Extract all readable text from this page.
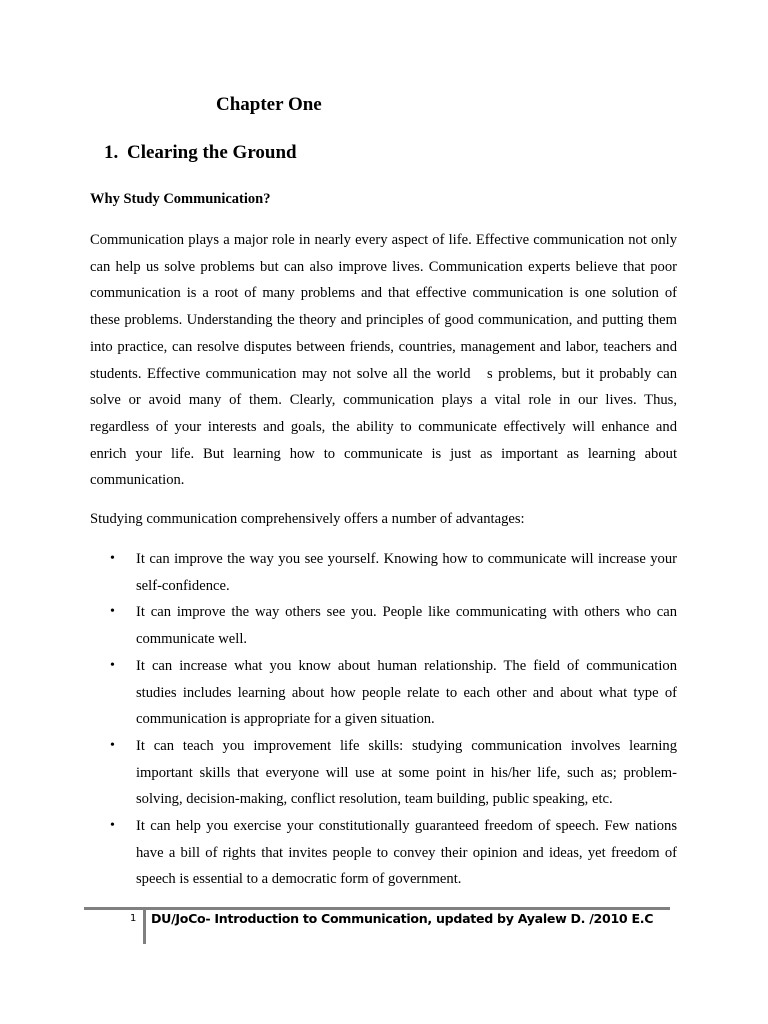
Chapter One
1. Clearing the Ground
Why Study Communication?

Communication plays a major role in nearly every aspect of life. Effective communication not only can help us solve problems but can also improve lives. Communication experts believe that poor communication is a root of many problems and that effective communication is one solution of these problems. Understanding the theory and principles of good communication, and putting them into practice, can resolve disputes between friends, countries, management and labor, teachers and students. Effective communication may not solve all the world   s problems, but it probably can solve or avoid many of them. Clearly, communication plays a vital role in our lives. Thus, regardless of your interests and goals, the ability to communicate effectively will enhance and enrich your life. But learning how to communicate is just as important as learning about communication.

Studying communication comprehensively offers a number of advantages:

• It can improve the way you see yourself. Knowing how to communicate will increase your self-confidence.
• It can improve the way others see you. People like communicating with others who can communicate well.
• It can increase what you know about human relationship. The field of communication studies includes learning about how people relate to each other and about what type of communication is appropriate for a given situation.
• It can teach you improvement life skills: studying communication involves learning important skills that everyone will use at some point in his/her life, such as; problem-solving, decision-making, conflict resolution, team building, public speaking, etc.
• It can help you exercise your constitutionally guaranteed freedom of speech. Few nations have a bill of rights that invites people to convey their opinion and ideas, yet freedom of speech is essential to a democratic form of government.
1 DU/JoCo- Introduction to Communication, updated by Ayalew D. /2010 E.C
